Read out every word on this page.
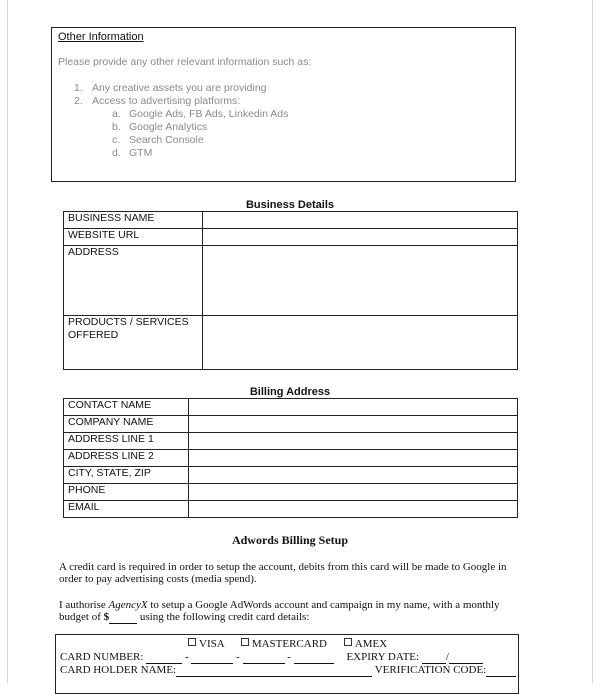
Other Information
Please provide any other relevant information such as:
1. Any creative assets you are providing
2. Access to advertising platforms:
a. Google Ads, FB Ads, Linkedin Ads
b. Google Analytics
c. Search Console
d. GTM
Business Details
BUSINESS NAME	
WEBSITE URL	
ADDRESS	
PRODUCTS / SERVICES OFFERED	
Billing Address
CONTACT NAME	
COMPANY NAME	
ADDRESS LINE 1	
ADDRESS LINE 2	
CITY, STATE, ZIP	
PHONE	
EMAIL	
Adwords Billing Setup
A credit card is required in order to setup the account, debits from this card will be made to Google in order to pay advertising costs (media spend).
I authorise AgencyX to setup a Google AdWords account and campaign in my name, with a monthly budget of $	using the following credit card details:
VISA	MASTERCARD	AMEX
CARD NUMBER:	-	-	-	EXPIRY DATE: /
CARD HOLDER NAME:	VERIFICATION CODE:
